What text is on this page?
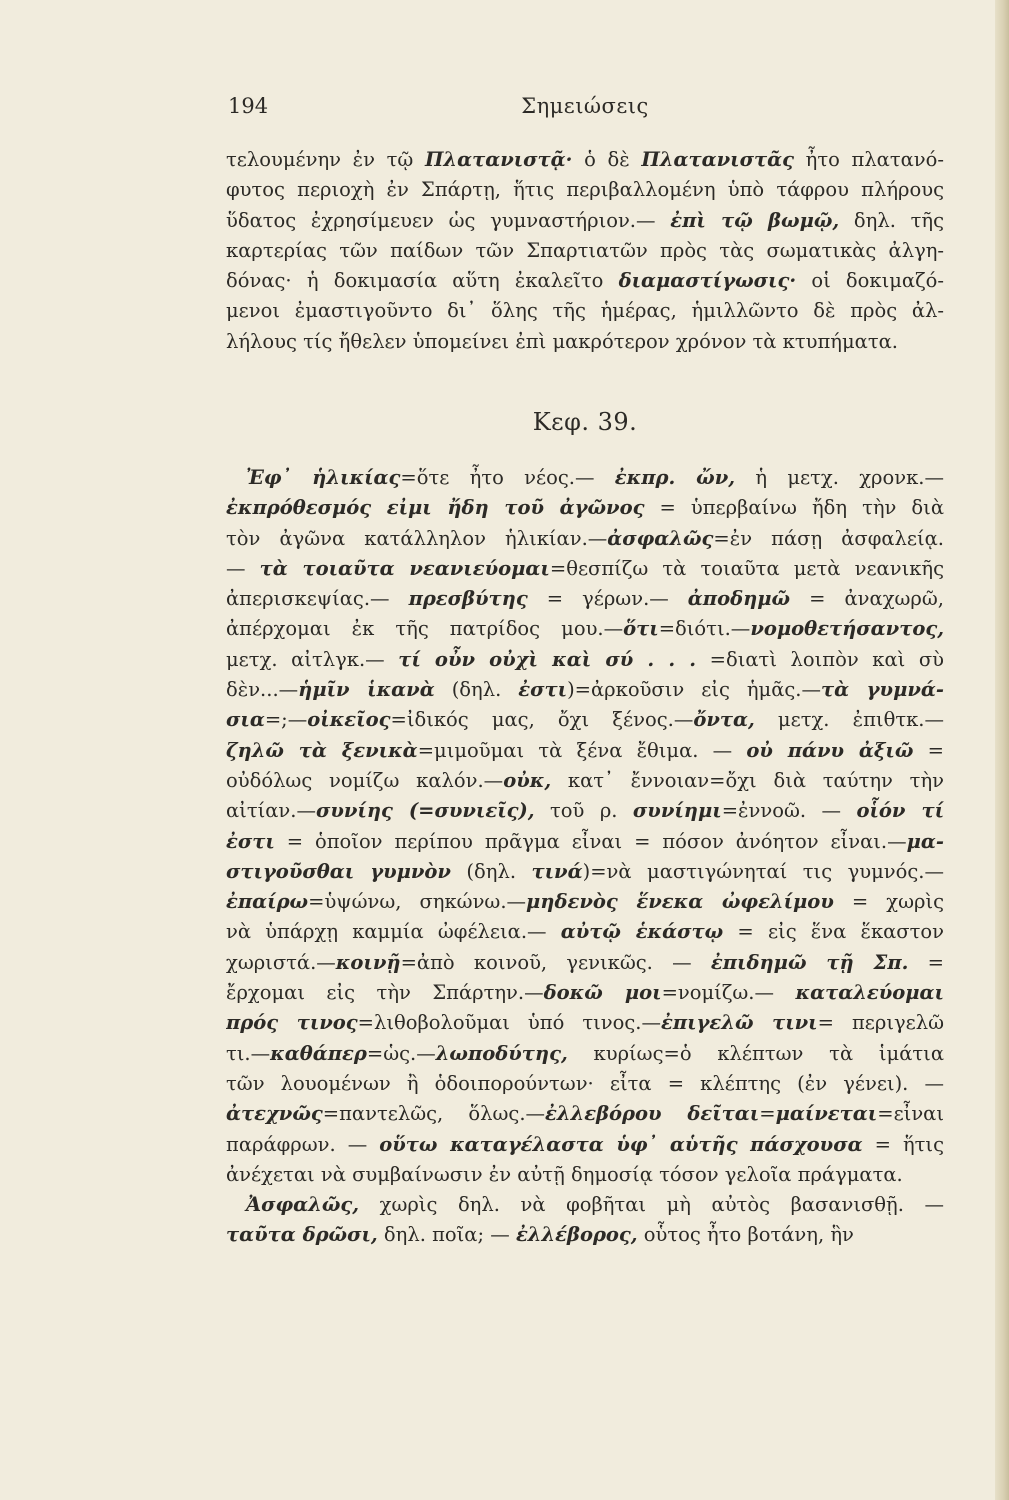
194	Σημειώσεις
τελουμένην ἐν τῷ Πλατανιστᾷ· ὁ δὲ Πλατανιστᾶς ἦτο πλατανό-
φυτος περιοχὴ ἐν Σπάρτῃ, ἥτις περιβαλλομένη ὑπὸ τάφρου πλήρους
ὕδατος ἐχρησίμευεν ὡς γυμναστήριον.— ἐπὶ τῷ βωμῷ, δηλ. τῆς
καρτερίας τῶν παίδων τῶν Σπαρτιατῶν πρὸς τὰς σωματικὰς ἀλγη-
δόνας· ἡ δοκιμασία αὕτη ἐκαλεῖτο διαμαστίγωσις· οἱ δοκιμαζό-
μενοι ἐμαστιγοῦντο δι᾽ ὅλης τῆς ἡμέρας, ἡμιλλῶντο δὲ πρὸς ἀλ-
λήλους τίς ἤθελεν ὑπομείνει ἐπὶ μακρότερον χρόνον τὰ κτυπήματα.
Κεφ. 39.
Ἐφ᾽ ἡλικίας=ὅτε ἦτο νέος.— ἐκπρ. ὤν, ἡ μετχ. χρονκ.—
ἐκπρόθεσμός εἰμι ἤδη τοῦ ἀγῶνος = ὑπερβαίνω ἤδη τὴν διὰ
τὸν ἀγῶνα κατάλληλον ἡλικίαν.—ἀσφαλῶς=ἐν πάσῃ ἀσφαλείᾳ.
— τὰ τοιαῦτα νεανιεύομαι=θεσπίζω τὰ τοιαῦτα μετὰ νεανικῆς
ἀπερισκεψίας.— πρεσβύτης = γέρων.— ἀποδημῶ = ἀναχωρῶ,
ἀπέρχομαι ἐκ τῆς πατρίδος μου.—ὅτι=διότι.—νομοθετήσαντος,
μετχ. αἰτλγκ.— τί οὖν οὐχὶ καὶ σύ . . . =διατὶ λοιπὸν καὶ σὺ
δὲν...—ἡμῖν ἱκανὰ (δηλ. ἐστι)=ἀρκοῦσιν εἰς ἡμᾶς.—τὰ γυμνά-
σια=;—οἰκεῖος=ἰδικός μας, ὄχι ξένος.—ὄντα, μετχ. ἐπιθτκ.—
ζηλῶ τὰ ξενικὰ=μιμοῦμαι τὰ ξένα ἔθιμα. — οὐ πάνυ ἀξιῶ =
οὐδόλως νομίζω καλόν.—οὐκ, κατ᾽ ἔννοιαν=ὄχι διὰ ταύτην τὴν
αἰτίαν.—συνίης (=συνιεῖς), τοῦ ρ. συνίημι=ἐννοῶ. — οἷόν τί
ἐστι = ὁποῖον περίπου πρᾶγμα εἶναι = πόσον ἀνόητον εἶναι.—μα-
στιγοῦσθαι γυμνὸν (δηλ. τινά)=νὰ μαστιγώνηταί τις γυμνός.—
ἐπαίρω=ὑψώνω, σηκώνω.—μηδενὸς ἕνεκα ὠφελίμου = χωρὶς
νὰ ὑπάρχῃ καμμία ὠφέλεια.— αὐτῷ ἑκάστῳ = εἰς ἕνα ἕκαστον
χωριστά.—κοινῇ=ἀπὸ κοινοῦ, γενικῶς. — ἐπιδημῶ τῇ Σπ. =
ἔρχομαι εἰς τὴν Σπάρτην.—δοκῶ μοι=νομίζω.— καταλεύομαι
πρός τινος=λιθοβολοῦμαι ὑπό τινος.—ἐπιγελῶ τινι= περιγελῶ
τι.—καθάπερ=ὡς.—λωποδύτης, κυρίως=ὁ κλέπτων τὰ ἱμάτια
τῶν λουομένων ἢ ὁδοιπορούντων· εἶτα = κλέπτης (ἐν γένει). —
ἀτεχνῶς=παντελῶς, ὅλως.—ἐλλεβόρου δεῖται=μαίνεται=εἶναι
παράφρων. — οὕτω καταγέλαστα ὑφ᾽ αὑτῆς πάσχουσα = ἥτις
ἀνέχεται νὰ συμβαίνωσιν ἐν αὐτῇ δημοσίᾳ τόσον γελοῖα πράγματα.
Ἀσφαλῶς, χωρὶς δηλ. νὰ φοβῆται μὴ αὐτὸς βασανισθῇ. —
ταῦτα δρῶσι, δηλ. ποῖα; — ἐλλέβορος, οὗτος ἦτο βοτάνη, ἣν
